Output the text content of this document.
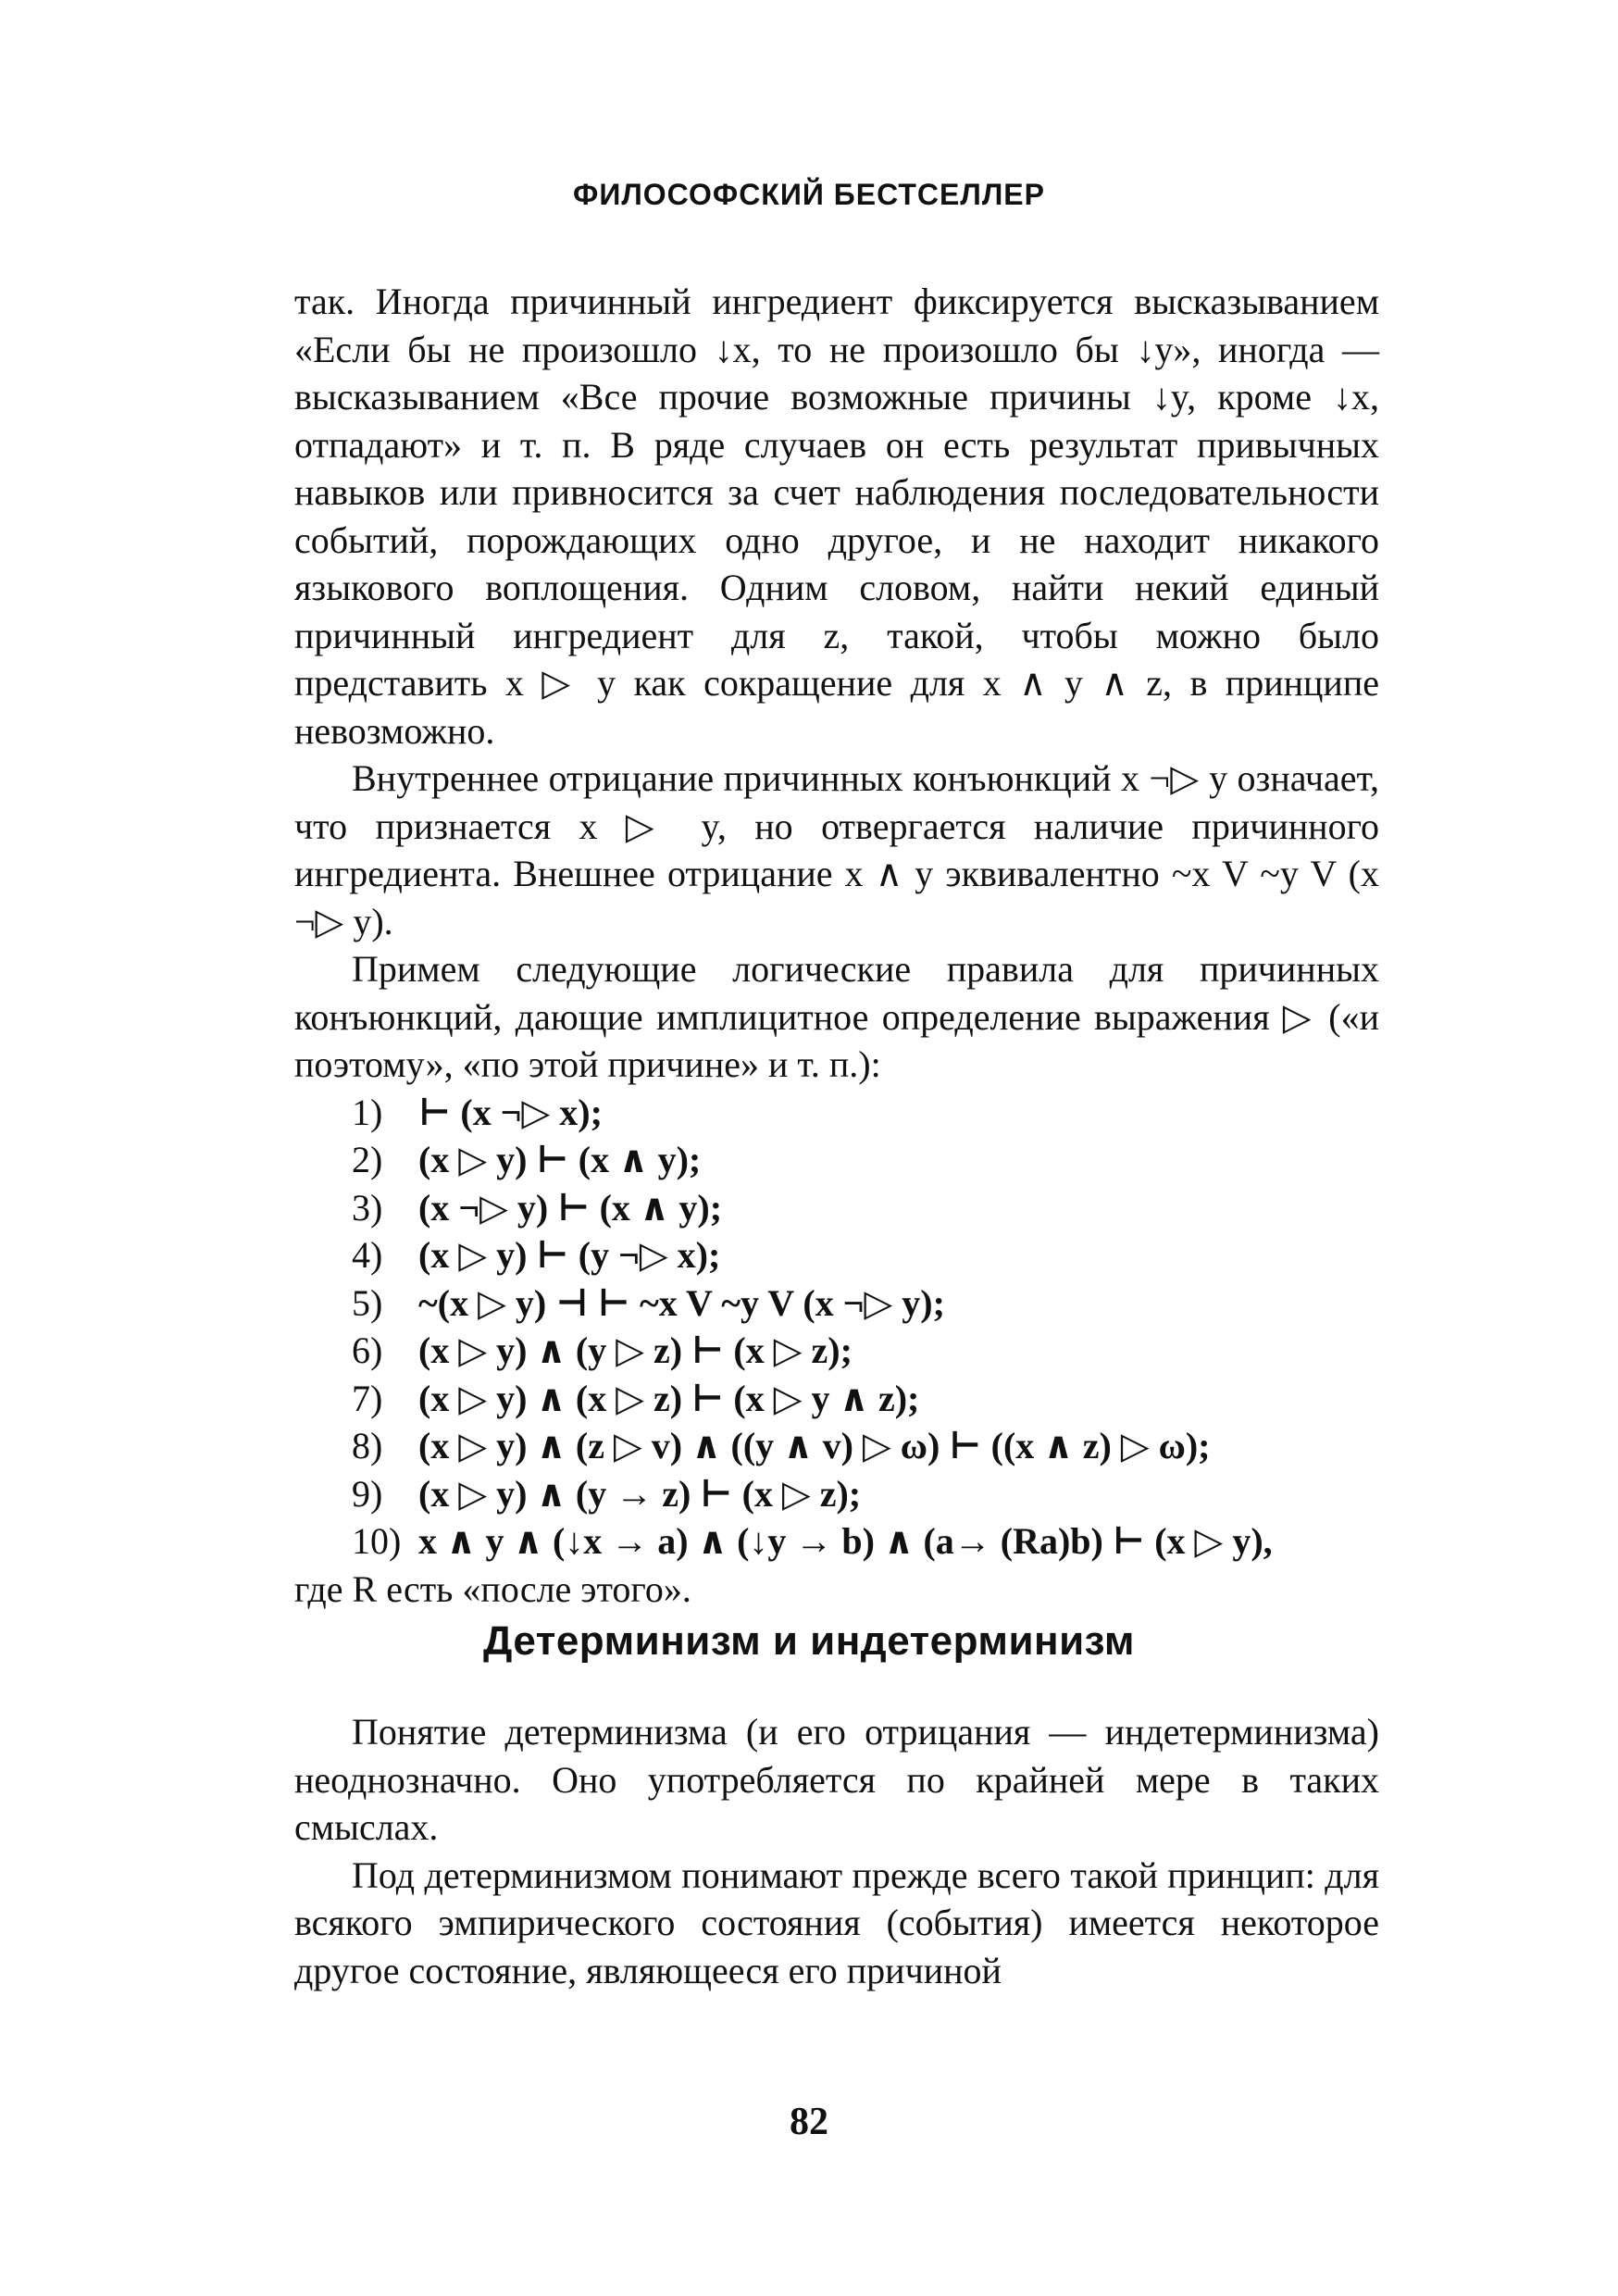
ФИЛОСОФСКИЙ БЕСТСЕЛЛЕР

так. Иногда причинный ингредиент фиксируется высказыванием «Если бы не произошло ↓x, то не произошло бы ↓y», иногда — высказыванием «Все прочие возможные причины ↓y, кроме ↓x, отпадают» и т. п. В ряде случаев он есть результат привычных навыков или привносится за счет наблюдения последовательности событий, порождающих одно другое, и не находит никакого языкового воплощения. Одним словом, найти некий единый причинный ингредиент для z, такой, чтобы можно было представить x ▷ y как сокращение для x ∧ y ∧ z, в принципе невозможно.

Внутреннее отрицание причинных конъюнкций x ¬▷ y означает, что признается x ▷ y, но отвергается наличие причинного ингредиента. Внешнее отрицание x ∧ y эквивалентно ~x V ~y V (x ¬▷ y).

Примем следующие логические правила для причинных конъюнкций, дающие имплицитное определение выражения ▷ («и поэтому», «по этой причине» и т. п.):

1) ⊢ (x ¬▷ x);
2) (x ▷ y) ⊢ (x ∧ y);
3) (x ¬▷ y) ⊢ (x ∧ y);
4) (x ▷ y) ⊢ (y ¬▷ x);
5) ~(x ▷ y) ⊣ ⊢ ~x V ~y V (x ¬▷ y);
6) (x ▷ y) ∧ (y ▷ z) ⊢ (x ▷ z);
7) (x ▷ y) ∧ (x ▷ z) ⊢ (x ▷ y ∧ z);
8) (x ▷ y) ∧ (z ▷ v) ∧ ((y ∧ v) ▷ ω) ⊢ ((x ∧ z) ▷ ω);
9) (x ▷ y) ∧ (y → z) ⊢ (x ▷ z);
10) x ∧ y ∧ (↓x → a) ∧ (↓y → b) ∧ (a→ (Ra)b) ⊢ (x ▷ y),

где R есть «после этого».

Детерминизм и индетерминизм

Понятие детерминизма (и его отрицания — индетерминизма) неоднозначно. Оно употребляется по крайней мере в таких смыслах.

Под детерминизмом понимают прежде всего такой принцип: для всякого эмпирического состояния (события) имеется некоторое другое состояние, являющееся его причиной

82
